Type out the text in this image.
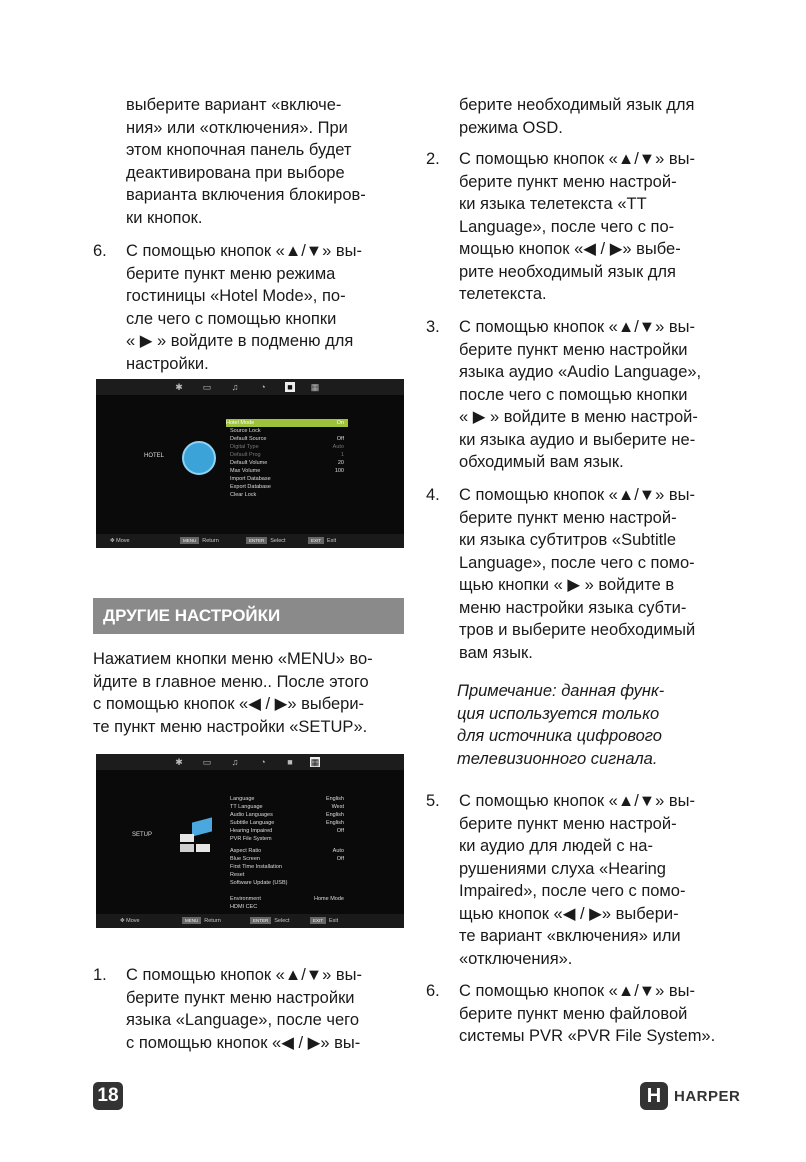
выберите вариант «включе-
ния» или «отключения». При
этом кнопочная панель будет
деактивирована при выборе
варианта включения блокиров-
ки кнопок.
6. С помощью кнопок «▲/▼» вы-
берите пункт меню режима
гостиницы «Hotel Mode», по-
сле чего с помощью кнопки
« ▶ » войдите в подменю для
настройки.
✱ ▭ ♫ ◔ ■ ▦
HOTEL
Hotel Mode	On
Source Lock
Default Source	Off
Digital Type	Auto
Default Prog	1
Default Volume	20
Max Volume	100
Import Database
Export Database
Clear Lock
✥ Move	MENU Return	ENTER Select	EXIT Exit
ДРУГИЕ НАСТРОЙКИ
Нажатием кнопки меню «MENU» во-
йдите в главное меню.. После этого
с помощью кнопок «◀ / ▶» выбери-
те пункт меню настройки «SETUP».
✱ ▭ ♫ ◔ ■ ▦
SETUP
Language	English
TT Language	West
Audio Languages	English
Subtitle Language	English
Hearing Impaired	Off
PVR File System
Aspect Ratio	Auto
Blue Screen	Off
First Time Installation
Reset
Software Update (USB)
Environment	Home Mode
HDMI CEC
✥ Move	MENU Return	ENTER Select	EXIT Exit
1. С помощью кнопок «▲/▼» вы-
берите пункт меню настройки
языка «Language», после чего
с помощью кнопок «◀ / ▶» вы-
берите необходимый язык для
режима OSD.
2. С помощью кнопок «▲/▼» вы-
берите пункт меню настрой-
ки языка телетекста «TT
Language», после чего с по-
мощью кнопок «◀ / ▶» выбе-
рите необходимый язык для
телетекста.
3. С помощью кнопок «▲/▼» вы-
берите пункт меню настройки
языка аудио «Audio Language»,
после чего с помощью кнопки
« ▶ » войдите в меню настрой-
ки языка аудио и выберите не-
обходимый вам язык.
4. С помощью кнопок «▲/▼» вы-
берите пункт меню настрой-
ки языка субтитров «Subtitle
Language», после чего с помо-
щью кнопки « ▶ » войдите в
меню настройки языка субти-
тров и выберите необходимый
вам язык.
Примечание: данная функ-
ция используется только
для источника цифрового
телевизионного сигнала.
5. С помощью кнопок «▲/▼» вы-
берите пункт меню настрой-
ки аудио для людей с на-
рушениями слуха «Hearing
Impaired», после чего с помо-
щью кнопок «◀ / ▶» выбери-
те вариант «включения» или
«отключения».
6. С помощью кнопок «▲/▼» вы-
берите пункт меню файловой
системы PVR «PVR File System».
18	H HARPER
